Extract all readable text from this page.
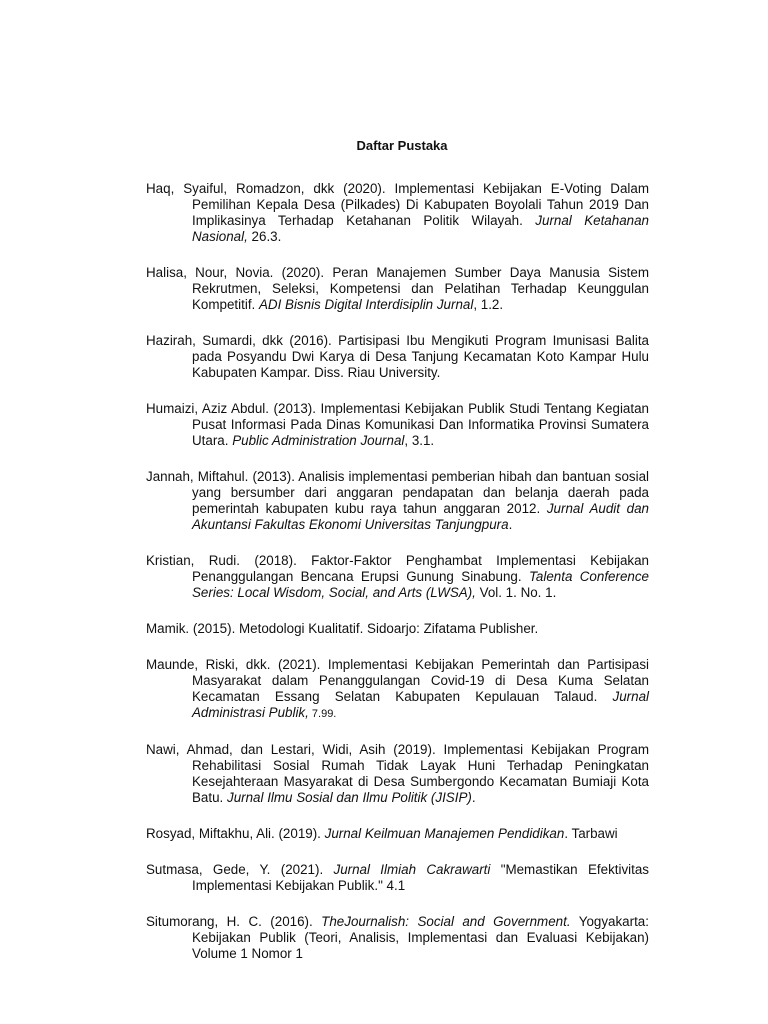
Daftar Pustaka

Haq, Syaiful, Romadzon, dkk (2020). Implementasi Kebijakan E-Voting Dalam Pemilihan Kepala Desa (Pilkades) Di Kabupaten Boyolali Tahun 2019 Dan Implikasinya Terhadap Ketahanan Politik Wilayah. Jurnal Ketahanan Nasional, 26.3.

Halisa, Nour, Novia. (2020). Peran Manajemen Sumber Daya Manusia Sistem Rekrutmen, Seleksi, Kompetensi dan Pelatihan Terhadap Keunggulan Kompetitif. ADI Bisnis Digital Interdisiplin Jurnal, 1.2.

Hazirah, Sumardi, dkk (2016). Partisipasi Ibu Mengikuti Program Imunisasi Balita pada Posyandu Dwi Karya di Desa Tanjung Kecamatan Koto Kampar Hulu Kabupaten Kampar. Diss. Riau University.

Humaizi, Aziz Abdul. (2013). Implementasi Kebijakan Publik Studi Tentang Kegiatan Pusat Informasi Pada Dinas Komunikasi Dan Informatika Provinsi Sumatera Utara. Public Administration Journal, 3.1.

Jannah, Miftahul. (2013). Analisis implementasi pemberian hibah dan bantuan sosial yang bersumber dari anggaran pendapatan dan belanja daerah pada pemerintah kabupaten kubu raya tahun anggaran 2012. Jurnal Audit dan Akuntansi Fakultas Ekonomi Universitas Tanjungpura.

Kristian, Rudi. (2018). Faktor-Faktor Penghambat Implementasi Kebijakan Penanggulangan Bencana Erupsi Gunung Sinabung. Talenta Conference Series: Local Wisdom, Social, and Arts (LWSA), Vol. 1. No. 1.

Mamik. (2015). Metodologi Kualitatif. Sidoarjo: Zifatama Publisher.

Maunde, Riski, dkk. (2021). Implementasi Kebijakan Pemerintah dan Partisipasi Masyarakat dalam Penanggulangan Covid-19 di Desa Kuma Selatan Kecamatan Essang Selatan Kabupaten Kepulauan Talaud. Jurnal Administrasi Publik, 7.99.

Nawi, Ahmad, dan Lestari, Widi, Asih (2019). Implementasi Kebijakan Program Rehabilitasi Sosial Rumah Tidak Layak Huni Terhadap Peningkatan Kesejahteraan Masyarakat di Desa Sumbergondo Kecamatan Bumiaji Kota Batu. Jurnal Ilmu Sosial dan Ilmu Politik (JISIP).

Rosyad, Miftakhu, Ali. (2019). Jurnal Keilmuan Manajemen Pendidikan. Tarbawi

Sutmasa, Gede, Y. (2021). Jurnal Ilmiah Cakrawarti "Memastikan Efektivitas Implementasi Kebijakan Publik." 4.1

Situmorang, H. C. (2016). TheJournalish: Social and Government. Yogyakarta: Kebijakan Publik (Teori, Analisis, Implementasi dan Evaluasi Kebijakan) Volume 1 Nomor 1
